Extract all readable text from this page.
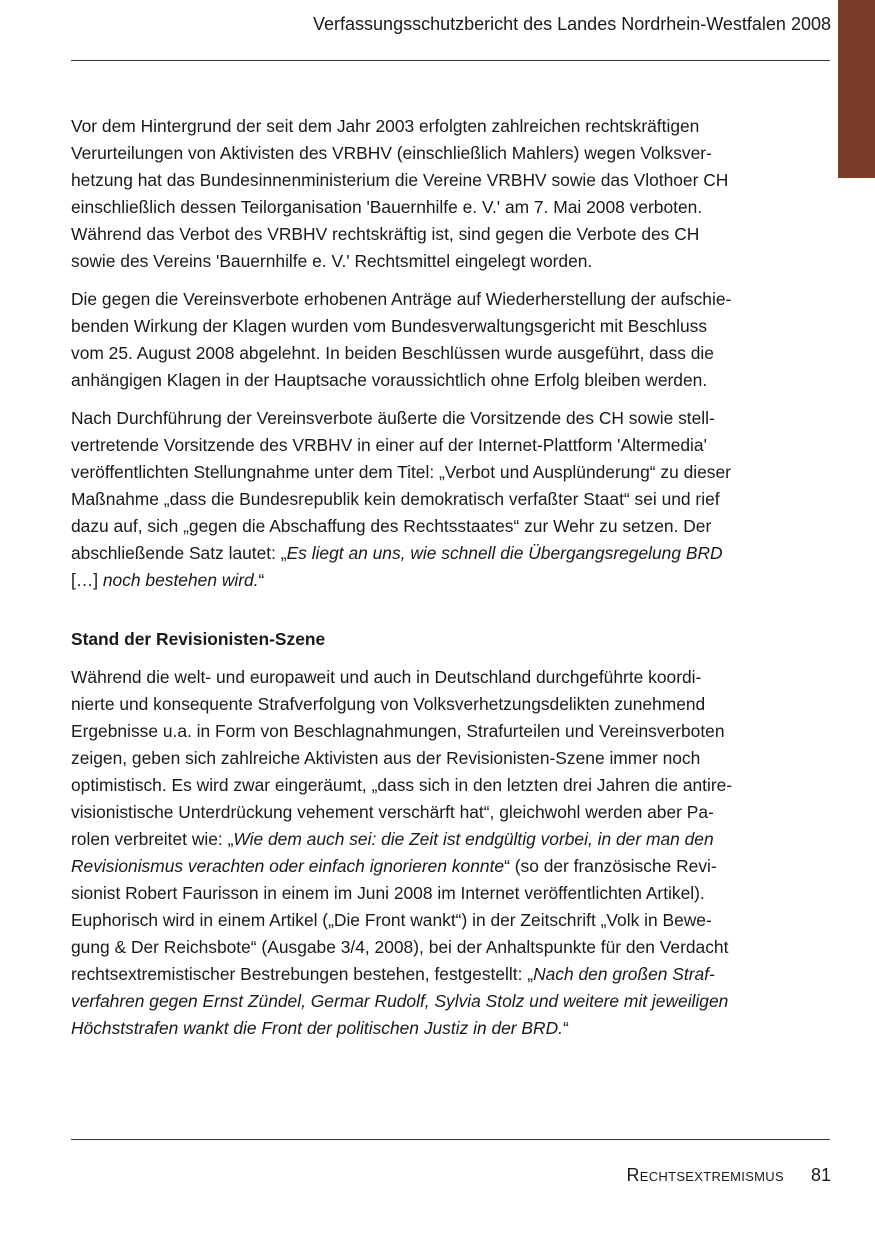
Verfassungsschutzbericht des Landes Nordrhein-Westfalen 2008

Vor dem Hintergrund der seit dem Jahr 2003 erfolgten zahlreichen rechtskräftigen
Verurteilungen von Aktivisten des VRBHV (einschließlich Mahlers) wegen Volksver-
hetzung hat das Bundesinnenministerium die Vereine VRBHV sowie das Vlothoer CH
einschließlich dessen Teilorganisation 'Bauernhilfe e. V.' am 7. Mai 2008 verboten.
Während das Verbot des VRBHV rechtskräftig ist, sind gegen die Verbote des CH
sowie des Vereins 'Bauernhilfe e. V.' Rechtsmittel eingelegt worden.

Die gegen die Vereinsverbote erhobenen Anträge auf Wiederherstellung der aufschie-
benden Wirkung der Klagen wurden vom Bundesverwaltungsgericht mit Beschluss
vom 25. August 2008 abgelehnt. In beiden Beschlüssen wurde ausgeführt, dass die
anhängigen Klagen in der Hauptsache voraussichtlich ohne Erfolg bleiben werden.

Nach Durchführung der Vereinsverbote äußerte die Vorsitzende des CH sowie stell-
vertretende Vorsitzende des VRBHV in einer auf der Internet-Plattform 'Altermedia'
veröffentlichten Stellungnahme unter dem Titel: „Verbot und Ausplünderung“ zu dieser
Maßnahme „dass die Bundesrepublik kein demokratisch verfaßter Staat“ sei und rief
dazu auf, sich „gegen die Abschaffung des Rechtsstaates“ zur Wehr zu setzen. Der
abschließende Satz lautet: „Es liegt an uns, wie schnell die Übergangsregelung BRD
[…] noch bestehen wird.“

Stand der Revisionisten-Szene

Während die welt- und europaweit und auch in Deutschland durchgeführte koordi-
nierte und konsequente Strafverfolgung von Volksverhetzungsdelikten zunehmend
Ergebnisse u.a. in Form von Beschlagnahmungen, Strafurteilen und Vereinsverboten
zeigen, geben sich zahlreiche Aktivisten aus der Revisionisten-Szene immer noch
optimistisch. Es wird zwar eingeräumt, „dass sich in den letzten drei Jahren die antire-
visionistische Unterdrückung vehement verschärft hat“, gleichwohl werden aber Pa-
rolen verbreitet wie: „Wie dem auch sei: die Zeit ist endgültig vorbei, in der man den
Revisionismus verachten oder einfach ignorieren konnte“ (so der französische Revi-
sionist Robert Faurisson in einem im Juni 2008 im Internet veröffentlichten Artikel).
Euphorisch wird in einem Artikel („Die Front wankt“) in der Zeitschrift „Volk in Bewe-
gung & Der Reichsbote“ (Ausgabe 3/4, 2008), bei der Anhaltspunkte für den Verdacht
rechtsextremistischer Bestrebungen bestehen, festgestellt: „Nach den großen Straf-
verfahren gegen Ernst Zündel, Germar Rudolf, Sylvia Stolz und weitere mit jeweiligen
Höchststrafen wankt die Front der politischen Justiz in der BRD.“

Rechtsextremismus 81
